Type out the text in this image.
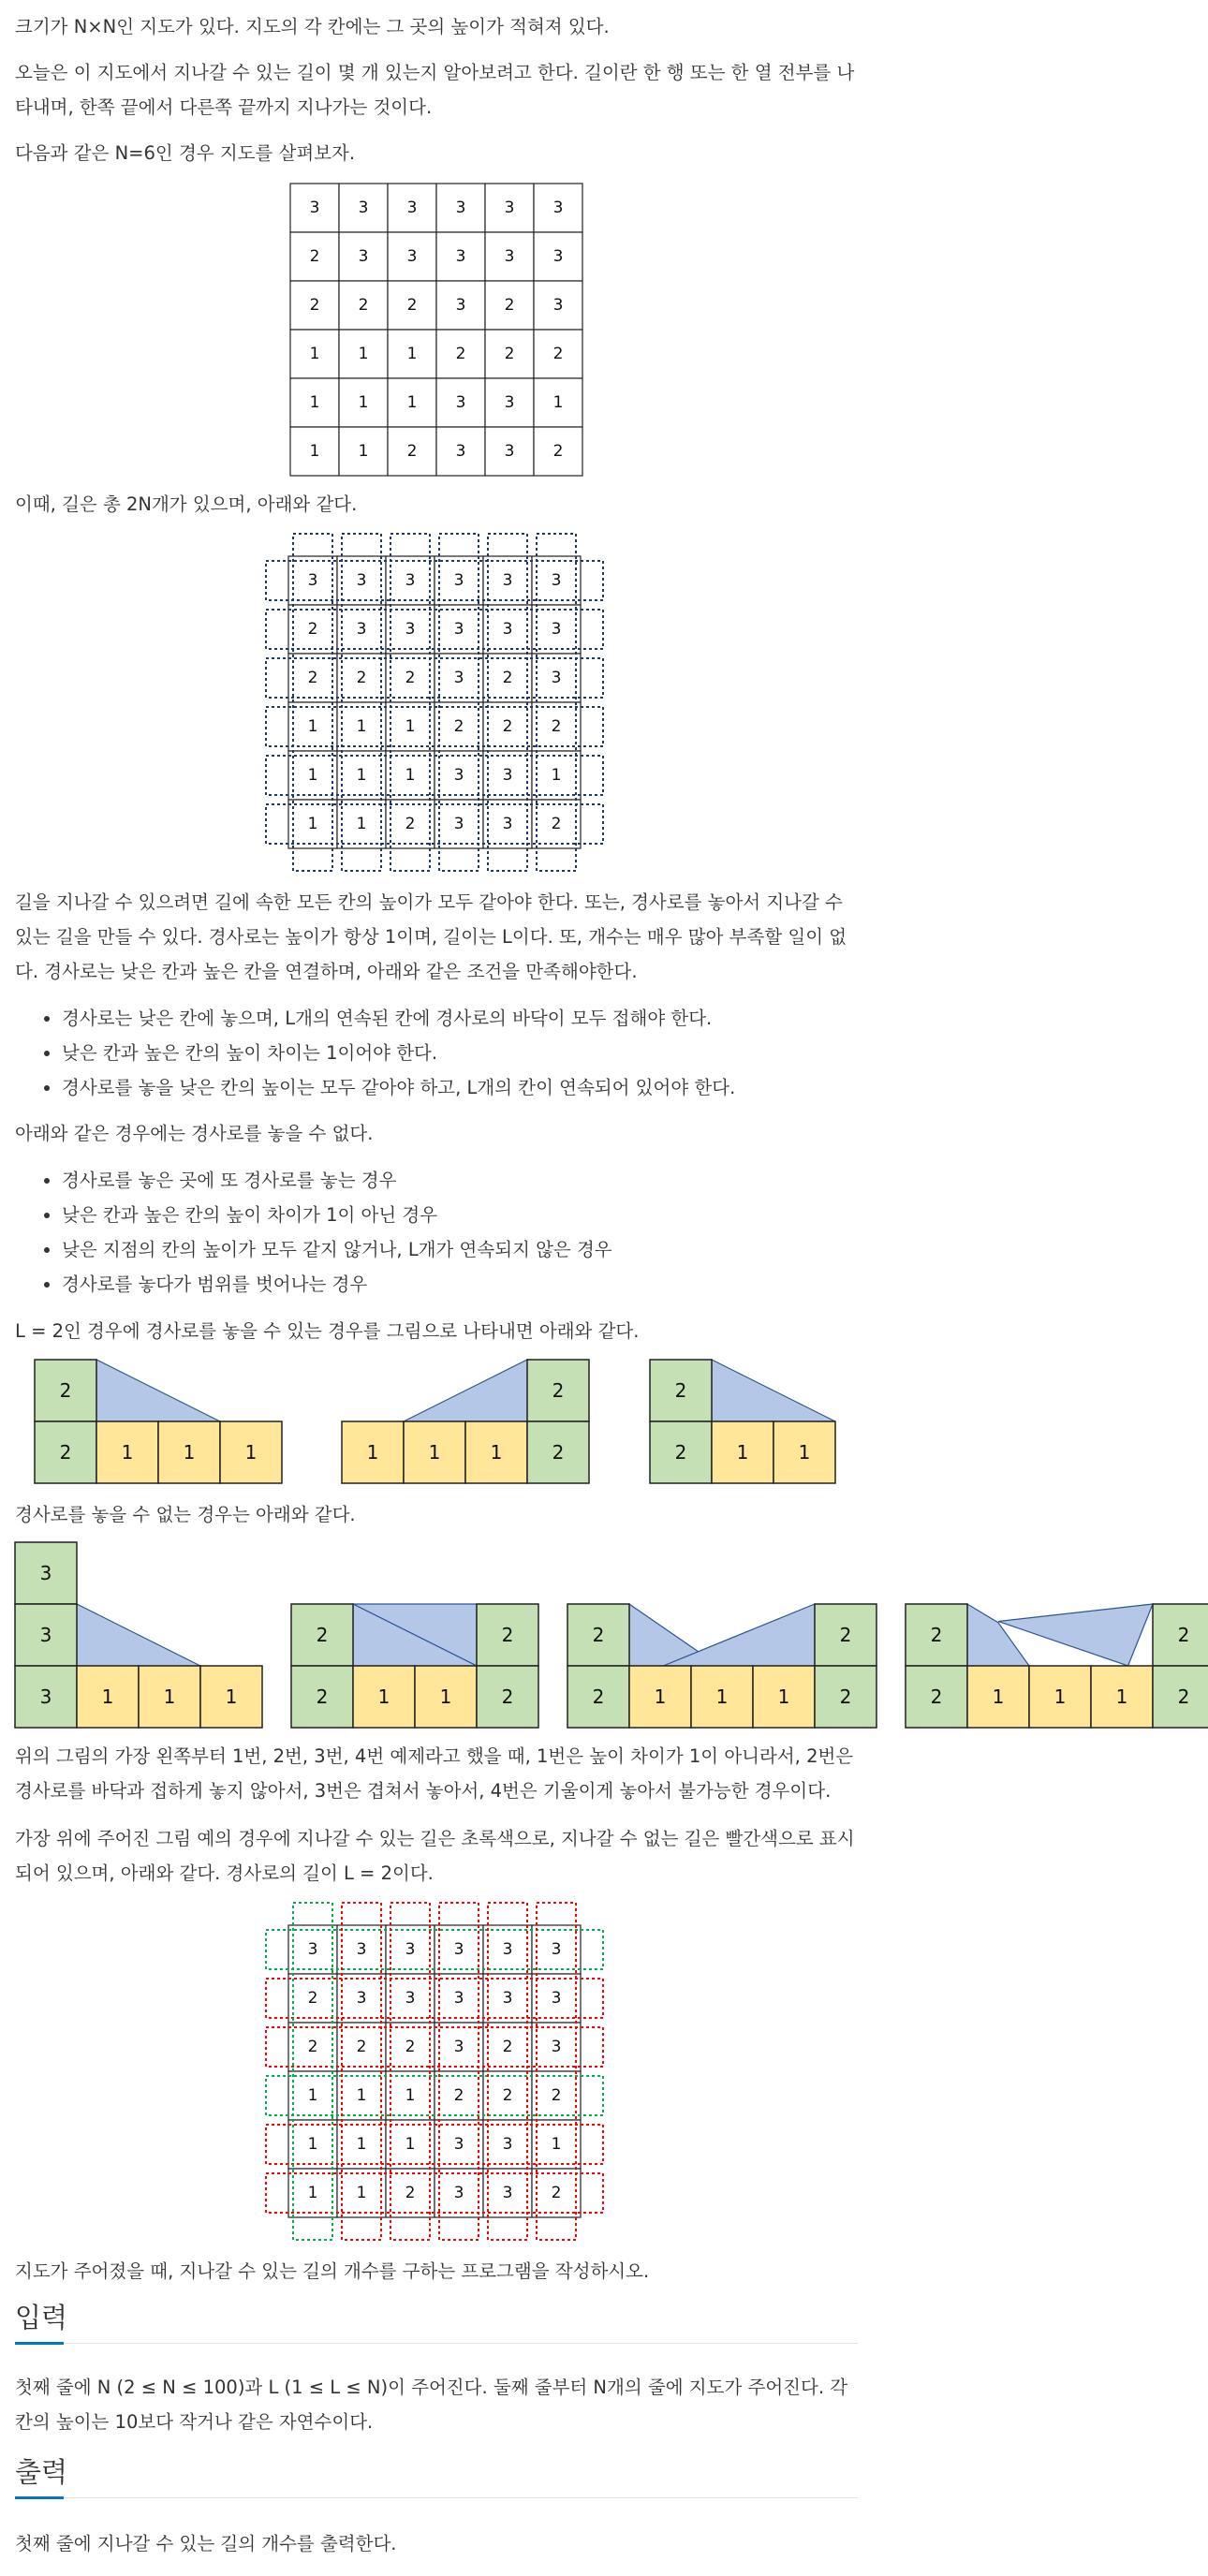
크기가 N×N인 지도가 있다. 지도의 각 칸에는 그 곳의 높이가 적혀져 있다.

오늘은 이 지도에서 지나갈 수 있는 길이 몇 개 있는지 알아보려고 한다. 길이란 한 행 또는 한 열 전부를 나타내며, 한쪽 끝에서 다른쪽 끝까지 지나가는 것이다.

다음과 같은 N=6인 경우 지도를 살펴보자.

3 3 3 3 3 3
2 3 3 3 3 3
2 2 2 3 2 3
1 1 1 2 2 2
1 1 1 3 3 1
1 1 2 3 3 2

이때, 길은 총 2N개가 있으며, 아래와 같다.

3 3 3 3 3 3
2 3 3 3 3 3
2 2 2 3 2 3
1 1 1 2 2 2
1 1 1 3 3 1
1 1 2 3 3 2

길을 지나갈 수 있으려면 길에 속한 모든 칸의 높이가 모두 같아야 한다. 또는, 경사로를 놓아서 지나갈 수 있는 길을 만들 수 있다. 경사로는 높이가 항상 1이며, 길이는 L이다. 또, 개수는 매우 많아 부족할 일이 없다. 경사로는 낮은 칸과 높은 칸을 연결하며, 아래와 같은 조건을 만족해야한다.

• 경사로는 낮은 칸에 놓으며, L개의 연속된 칸에 경사로의 바닥이 모두 접해야 한다.
• 낮은 칸과 높은 칸의 높이 차이는 1이어야 한다.
• 경사로를 놓을 낮은 칸의 높이는 모두 같아야 하고, L개의 칸이 연속되어 있어야 한다.

아래와 같은 경우에는 경사로를 놓을 수 없다.

• 경사로를 놓은 곳에 또 경사로를 놓는 경우
• 낮은 칸과 높은 칸의 높이 차이가 1이 아닌 경우
• 낮은 지점의 칸의 높이가 모두 같지 않거나, L개가 연속되지 않은 경우
• 경사로를 놓다가 범위를 벗어나는 경우

L = 2인 경우에 경사로를 놓을 수 있는 경우를 그림으로 나타내면 아래와 같다.

2
2	1	1	1
2
1	1	1	2
2
2	1	1

경사로를 놓을 수 없는 경우는 아래와 같다.

3
3
3	1	1	1
2	2
2	1	1	2
2	2
2	1	1	1	2
2	2
2	1	1	1	2

위의 그림의 가장 왼쪽부터 1번, 2번, 3번, 4번 예제라고 했을 때, 1번은 높이 차이가 1이 아니라서, 2번은 경사로를 바닥과 접하게 놓지 않아서, 3번은 겹쳐서 놓아서, 4번은 기울이게 놓아서 불가능한 경우이다.

가장 위에 주어진 그림 예의 경우에 지나갈 수 있는 길은 초록색으로, 지나갈 수 없는 길은 빨간색으로 표시되어 있으며, 아래와 같다. 경사로의 길이 L = 2이다.

3 3 3 3 3 3
2 3 3 3 3 3
2 2 2 3 2 3
1 1 1 2 2 2
1 1 1 3 3 1
1 1 2 3 3 2

지도가 주어졌을 때, 지나갈 수 있는 길의 개수를 구하는 프로그램을 작성하시오.

입력

첫째 줄에 N (2 ≤ N ≤ 100)과 L (1 ≤ L ≤ N)이 주어진다. 둘째 줄부터 N개의 줄에 지도가 주어진다. 각 칸의 높이는 10보다 작거나 같은 자연수이다.

출력

첫째 줄에 지나갈 수 있는 길의 개수를 출력한다.
